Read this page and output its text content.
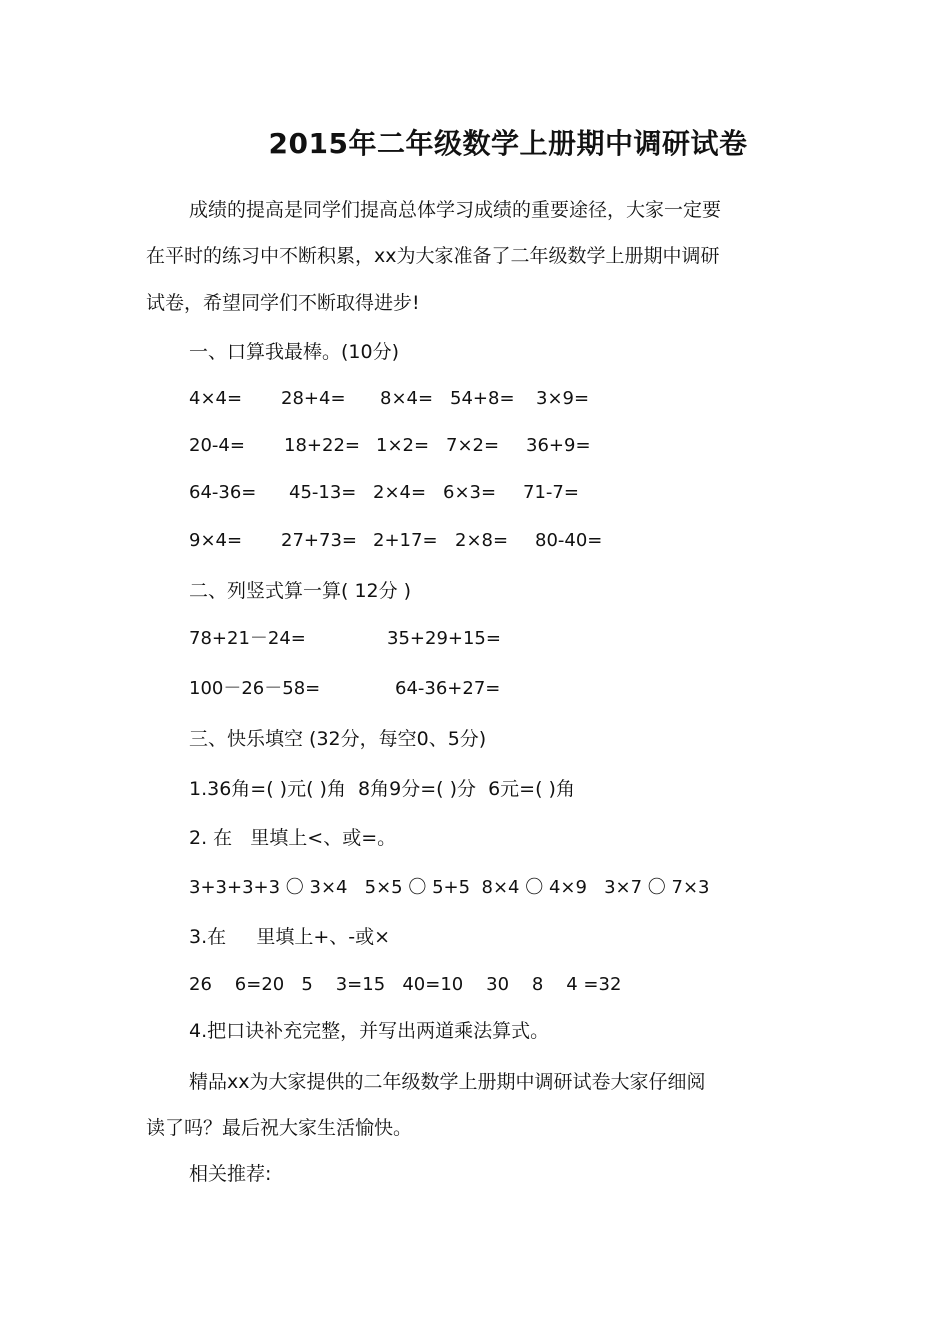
2015年二年级数学上册期中调研试卷
成绩的提高是同学们提高总体学习成绩的重要途径，大家一定要
在平时的练习中不断积累，xx为大家准备了二年级数学上册期中调研
试卷，希望同学们不断取得进步!
一、口算我最棒。(10分)
4×4= 28+4= 8×4= 54+8= 3×9=
20-4= 18+22= 1×2= 7×2= 36+9=
64-36= 45-13= 2×4= 6×3= 71-7=
9×4= 27+73= 2+17= 2×8= 80-40=
二、列竖式算一算( 12分 )
78+21－24=	35+29+15=
100－26－58=	64-36+27=
三、快乐填空 (32分，每空0、5分)
1.36角=( )元( )角  8角9分=( )分  6元=( )角
2. 在   里填上<、或=。
3+3+3+3 〇 3×4   5×5 〇 5+5  8×4 〇 4×9   3×7 〇 7×3
3.在     里填上+、-或×
26    6=20   5    3=15   40=10    30    8    4 =32
4.把口诀补充完整，并写出两道乘法算式。
精品xx为大家提供的二年级数学上册期中调研试卷大家仔细阅
读了吗？最后祝大家生活愉快。
相关推荐:
